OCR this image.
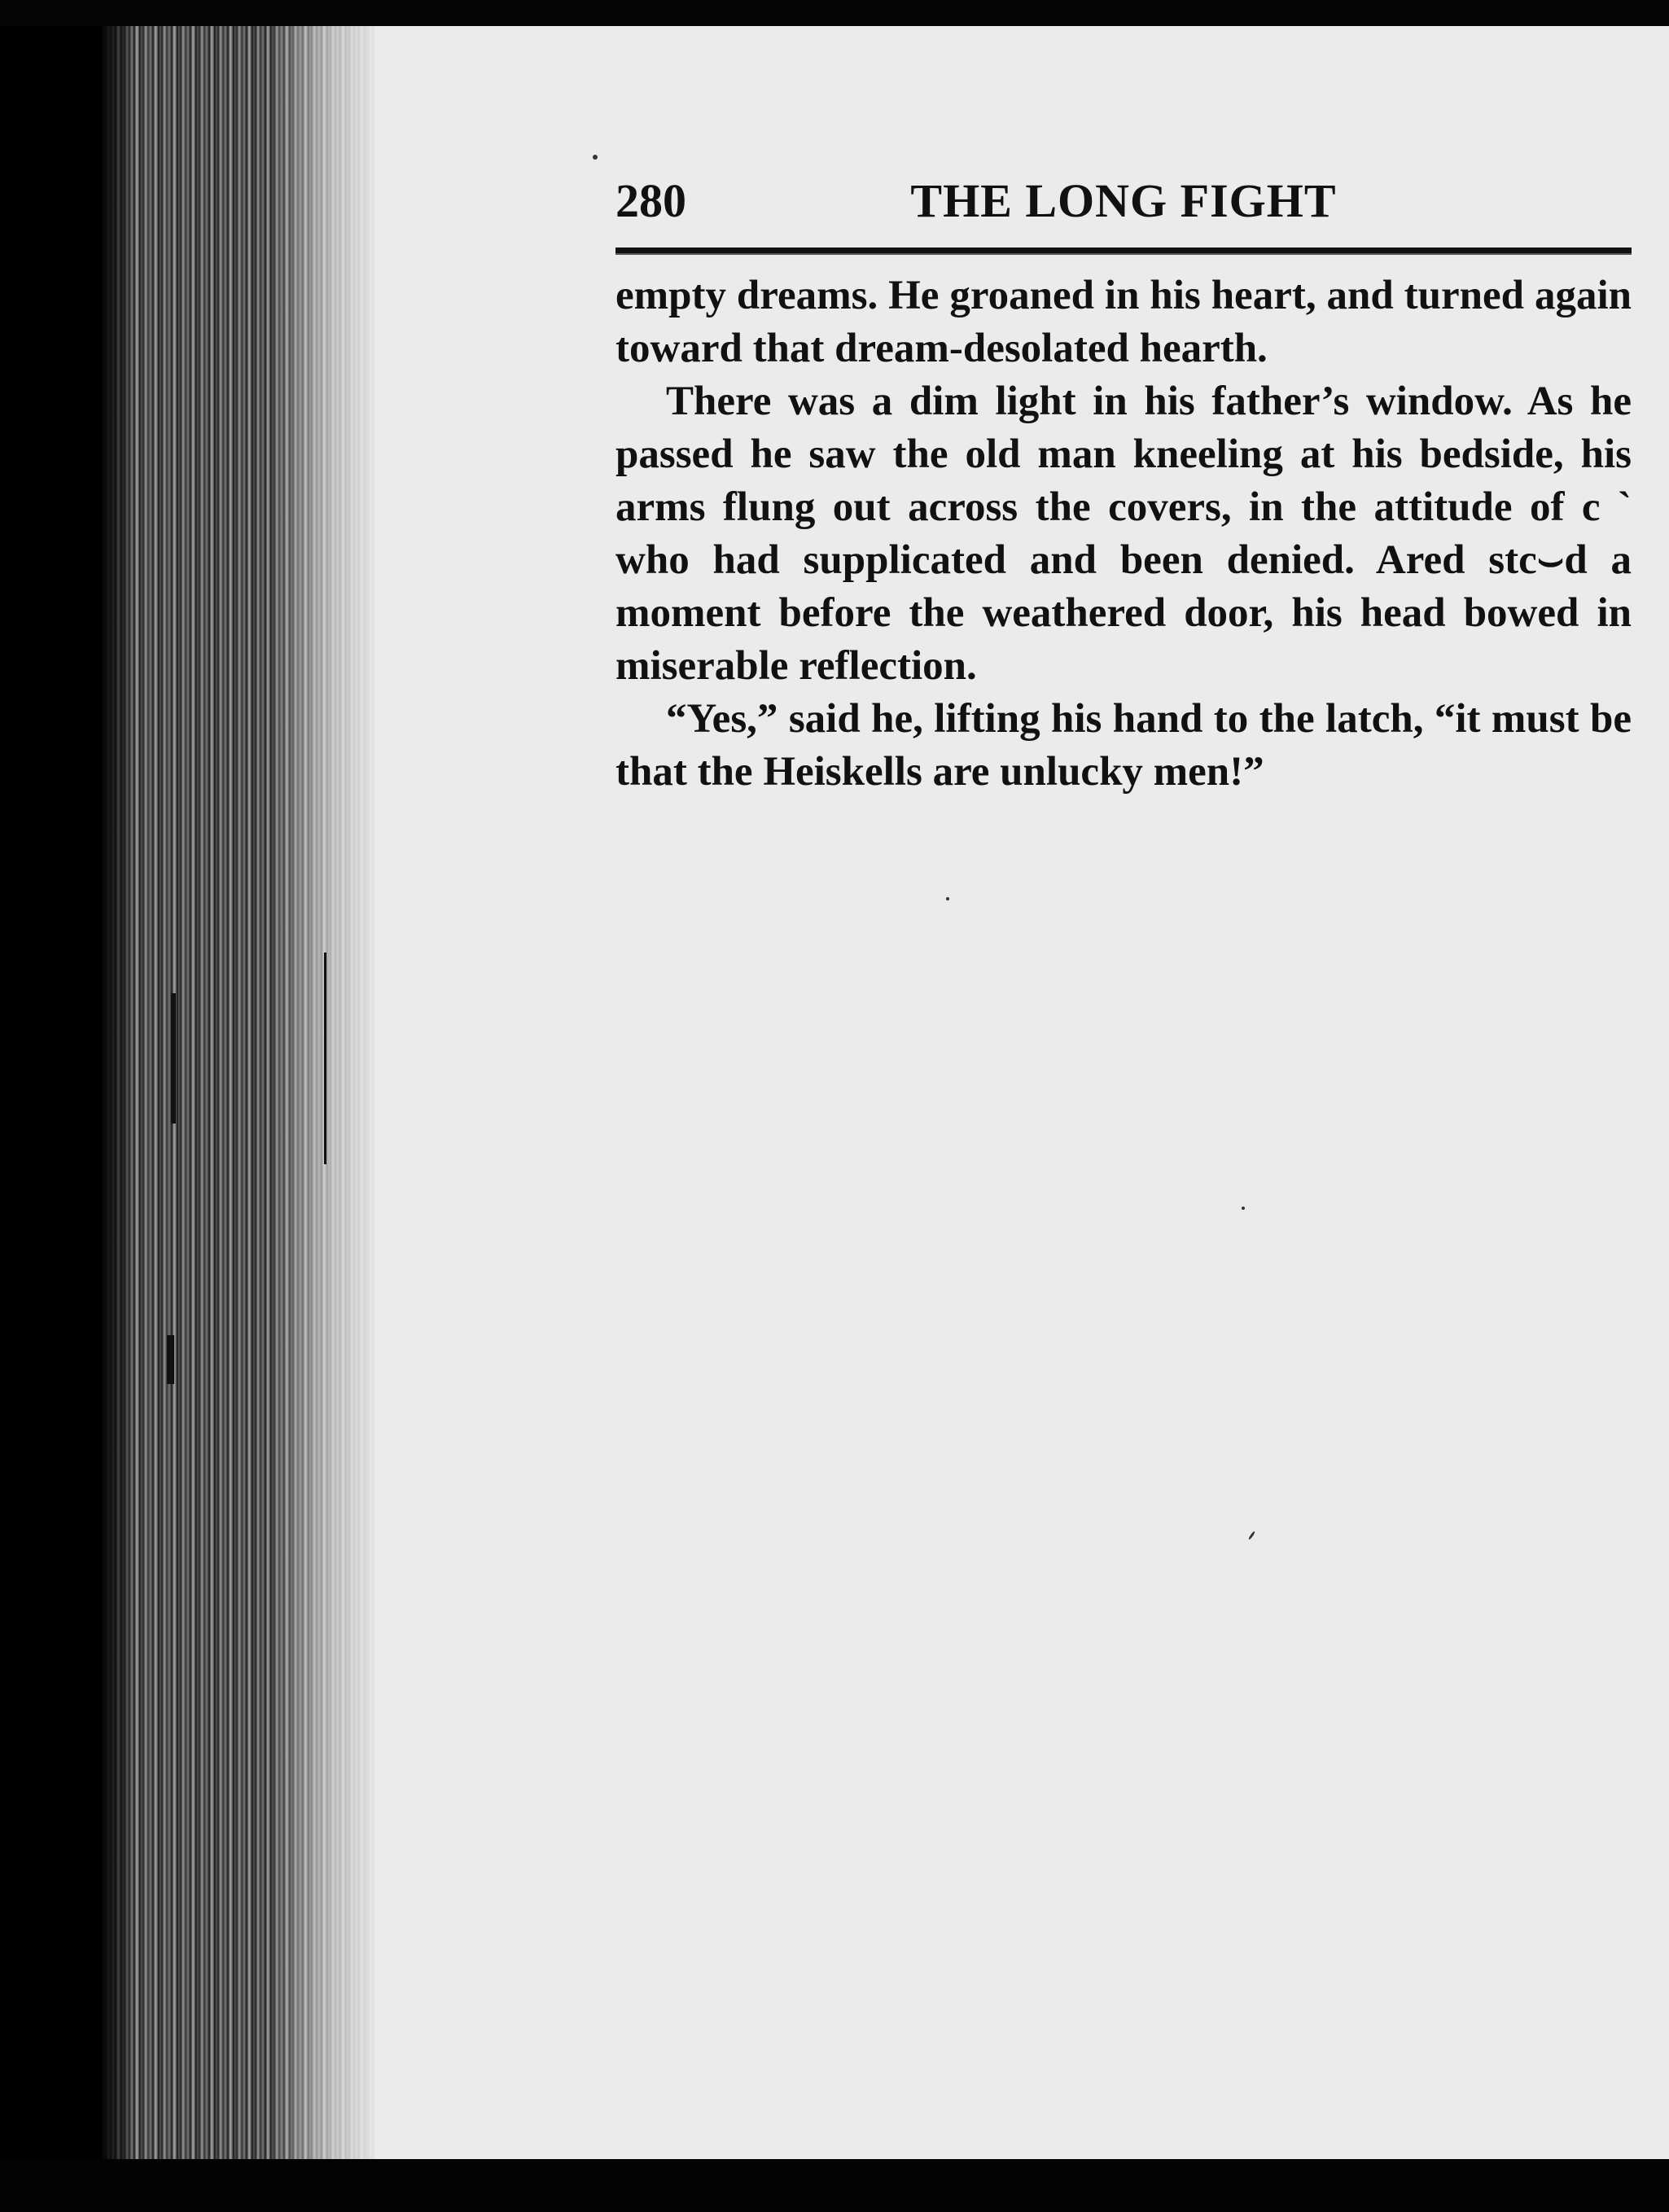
280	THE LONG FIGHT

empty dreams. He groaned in his heart, and turned again toward that dream-desolated hearth.

There was a dim light in his father’s window. As he passed he saw the old man kneeling at his bedside, his arms flung out across the covers, in the attitude of c ` who had supplicated and been denied. Ared stc⌣d a moment before the weathered door, his head bowed in miserable reflection.

“Yes,” said he, lifting his hand to the latch, “it must be that the Heiskells are unlucky men!”
